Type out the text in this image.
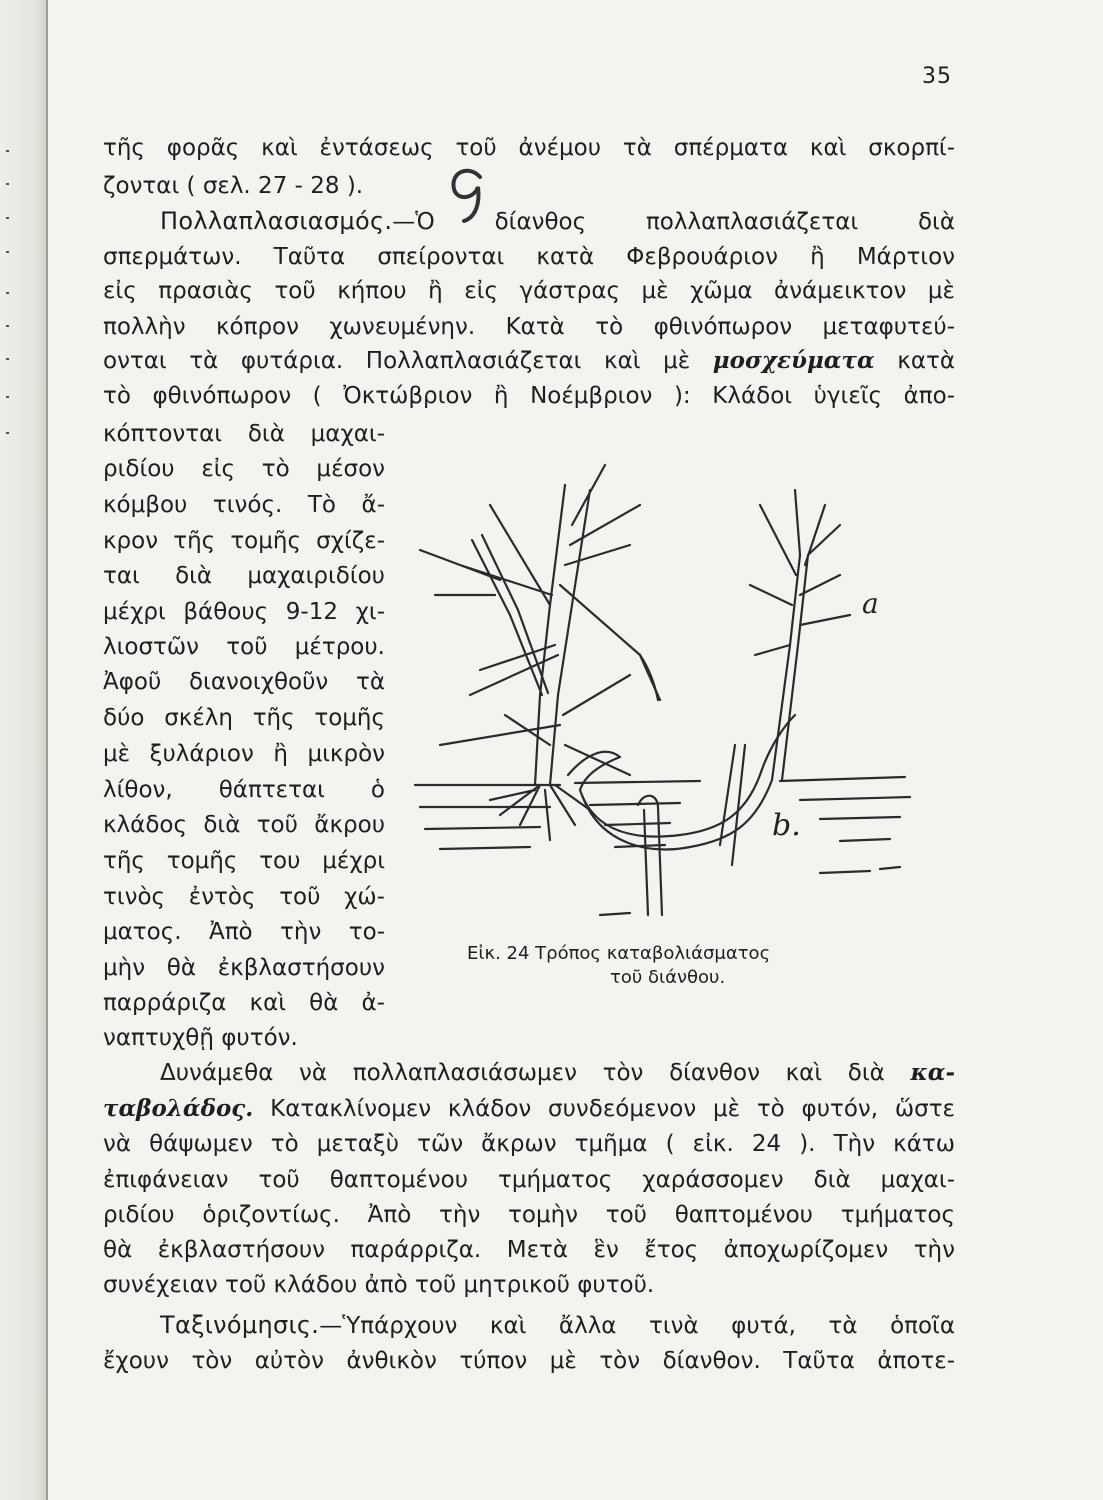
35
τῆς φορᾶς καὶ ἐντάσεως τοῦ ἀνέμου τὰ σπέρματα καὶ σκορπί-
ζονται ( σελ. 27 - 28 ).
Πολλαπλασιασμός.—Ὁ δίανθος πολλαπλασιάζεται διὰ
σπερμάτων. Ταῦτα σπείρονται κατὰ Φεβρουάριον ἢ Μάρτιον
εἰς πρασιὰς τοῦ κήπου ἢ εἰς γάστρας μὲ χῶμα ἀνάμεικτον μὲ
πολλὴν κόπρον χωνευμένην. Κατὰ τὸ φθινόπωρον μεταφυτεύ-
ονται τὰ φυτάρια. Πολλαπλασιάζεται καὶ μὲ μοσχεύματα κατὰ
τὸ φθινόπωρον ( Ὀκτώβριον ἢ Νοέμβριον ): Κλάδοι ὑγιεῖς ἀπο-
κόπτονται διὰ μαχαι-
ριδίου εἰς τὸ μέσον
κόμβου τινός. Τὸ ἄ-
κρον τῆς τομῆς σχίζε-
ται διὰ μαχαιριδίου
μέχρι βάθους 9-12 χι-
λιοστῶν τοῦ μέτρου.
Ἀφοῦ διανοιχθοῦν τὰ
δύο σκέλη τῆς τομῆς
μὲ ξυλάριον ἢ μικρὸν
λίθον, θάπτεται ὁ
κλάδος διὰ τοῦ ἄκρου
τῆς τομῆς του μέχρι
τινὸς ἐντὸς τοῦ χώ-
ματος. Ἀπὸ τὴν το-
μὴν θὰ ἐκβλαστήσουν
παρράριζα καὶ θὰ ἀ-
ναπτυχθῇ φυτόν.
a
b.
Εἰκ. 24 Τρόπος καταβολιάσματος
τοῦ διάνθου.
Δυνάμεθα νὰ πολλαπλασιάσωμεν τὸν δίανθον καὶ διὰ κα-
ταβολάδος. Κατακλίνομεν κλάδον συνδεόμενον μὲ τὸ φυτόν, ὥστε
νὰ θάψωμεν τὸ μεταξὺ τῶν ἄκρων τμῆμα ( εἰκ. 24 ). Τὴν κάτω
ἐπιφάνειαν τοῦ θαπτομένου τμήματος χαράσσομεν διὰ μαχαι-
ριδίου ὁριζοντίως. Ἀπὸ τὴν τομὴν τοῦ θαπτομένου τμήματος
θὰ ἐκβλαστήσουν παράρριζα. Μετὰ ἓν ἔτος ἀποχωρίζομεν τὴν
συνέχειαν τοῦ κλάδου ἀπὸ τοῦ μητρικοῦ φυτοῦ.
Ταξινόμησις.—Ὑπάρχουν καὶ ἄλλα τινὰ φυτά, τὰ ὁποῖα
ἔχουν τὸν αὐτὸν ἀνθικὸν τύπον μὲ τὸν δίανθον. Ταῦτα ἀποτε-
